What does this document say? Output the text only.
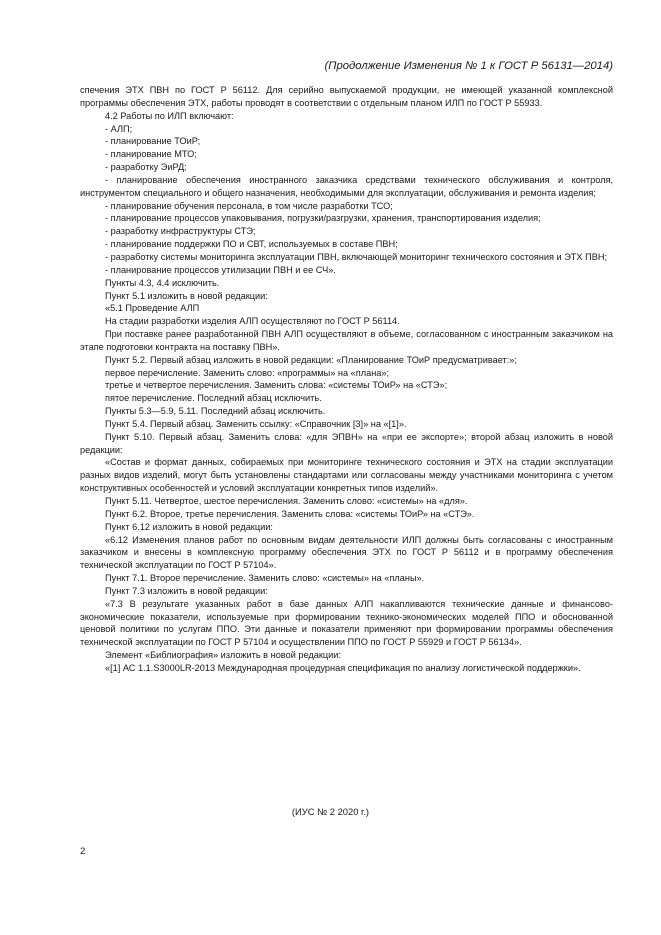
(Продолжение Изменения № 1 к ГОСТ Р 56131—2014)

спечения ЭТХ ПВН по ГОСТ Р 56112. Для серийно выпускаемой продукции, не имеющей указанной комплексной программы обеспечения ЭТХ, работы проводят в соответствии с отдельным планом ИЛП по ГОСТ Р 55933.

4.2 Работы по ИЛП включают:

- АЛП;

- планирование ТОиР;

- планирование МТО;

- разработку ЭиРД;

- планирование обеспечения иностранного заказчика средствами технического обслуживания и контроля, инструментом специального и общего назначения, необходимыми для эксплуатации, обслуживания и ремонта изделия;

- планирование обучения персонала, в том числе разработки ТСО;

- планирование процессов упаковывания, погрузки/разгрузки, хранения, транспортирования изделия;

- разработку инфраструктуры СТЭ;

- планирование поддержки ПО и СВТ, используемых в составе ПВН;

- разработку системы мониторинга эксплуатации ПВН, включающей мониторинг технического состояния и ЭТХ ПВН;

- планирование процессов утилизации ПВН и ее СЧ».

Пункты 4.3, 4.4 исключить.

Пункт 5.1 изложить в новой редакции:

«5.1 Проведение АЛП

На стадии разработки изделия АЛП осуществляют по ГОСТ Р 56114.

При поставке ранее разработанной ПВН АЛП осуществляют в объеме, согласованном с иностранным заказчиком на этапе подготовки контракта на поставку ПВН».

Пункт 5.2. Первый абзац изложить в новой редакции: «Планирование ТОиР предусматривает:»;

первое перечисление. Заменить слово: «программы» на «плана»;

третье и четвертое перечисления. Заменить слова: «системы ТОиР» на «СТЭ»;

пятое перечисление. Последний абзац исключить.

Пункты 5.3—5.9, 5.11. Последний абзац исключить.

Пункт 5.4. Первый абзац. Заменить ссылку: «Справочник [3]» на «[1]».

Пункт 5.10. Первый абзац. Заменить слова: «для ЭПВН» на «при ее экспорте»; второй абзац изложить в новой редакции:

«Состав и формат данных, собираемых при мониторинге технического состояния и ЭТХ на стадии эксплуатации разных видов изделий, могут быть установлены стандартами или согласованы между участниками мониторинга с учетом конструктивных особенностей и условий эксплуатации конкретных типов изделий».

Пункт 5.11. Четвертое, шестое перечисления. Заменить слово: «системы» на «для».

Пункт 6.2. Второе, третье перечисления. Заменить слова: «системы ТОиР» на «СТЭ».

Пункт 6.12 изложить в новой редакции:

«6.12 Изменения планов работ по основным видам деятельности ИЛП должны быть согласованы с иностранным заказчиком и внесены в комплексную программу обеспечения ЭТХ по ГОСТ Р 56112 и в программу обеспечения технической эксплуатации по ГОСТ Р 57104».

Пункт 7.1. Второе перечисление. Заменить слово: «системы» на «планы».

Пункт 7.3 изложить в новой редакции:

«7.3 В результате указанных работ в базе данных АЛП накапливаются технические данные и финансово-экономические показатели, используемые при формировании технико-экономических моделей ППО и обоснованной ценовой политики по услугам ППО. Эти данные и показатели применяют при формировании программы обеспечения технической эксплуатации по ГОСТ Р 57104 и осуществлении ППО по ГОСТ Р 55929 и ГОСТ Р 56134».

Элемент «Библиография» изложить в новой редакции:

«[1] АС 1.1.S3000LR-2013 Международная процедурная спецификация по анализу логистической поддержки».

(ИУС № 2 2020 г.)
2
